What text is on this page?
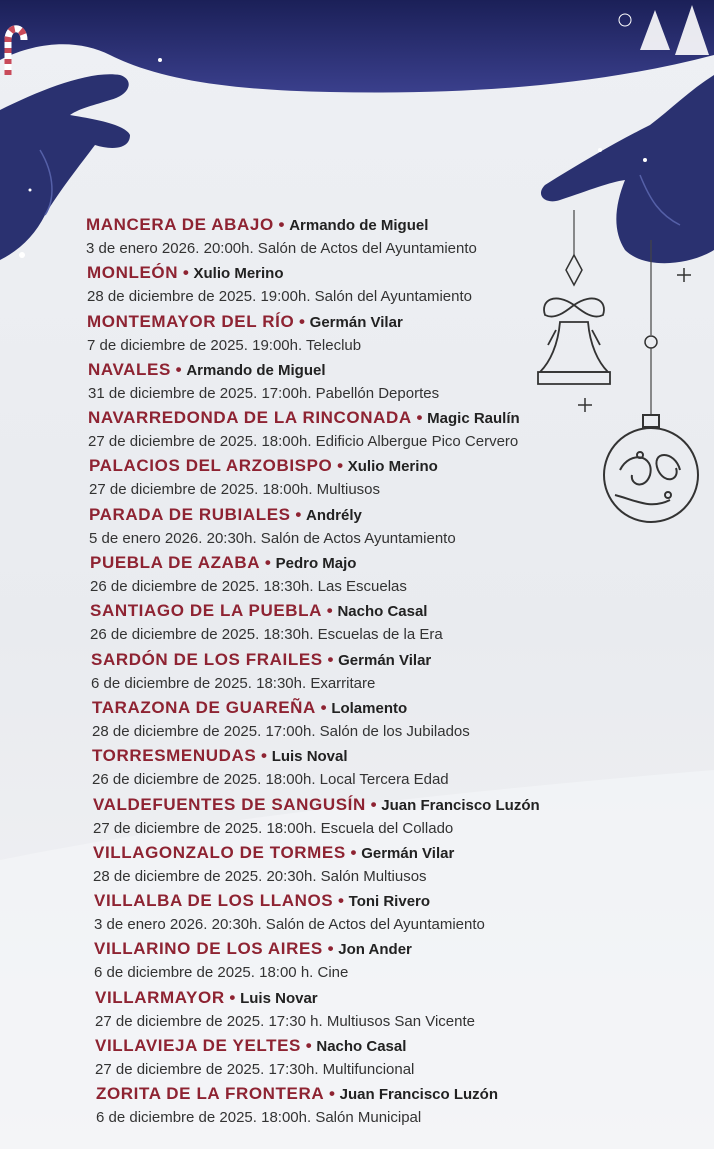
MANCERA DE ABAJO • Armando de Miguel
3 de enero 2026. 20:00h. Salón de Actos del Ayuntamiento
MONLEÓN • Xulio Merino
28 de diciembre de 2025. 19:00h. Salón del Ayuntamiento
MONTEMAYOR DEL RÍO • Germán Vilar
7 de diciembre de 2025. 19:00h. Teleclub
NAVALES • Armando de Miguel
31 de diciembre de 2025. 17:00h. Pabellón Deportes
NAVARREDONDA DE LA RINCONADA • Magic Raulín
27 de diciembre de 2025. 18:00h. Edificio Albergue Pico Cervero
PALACIOS DEL ARZOBISPO • Xulio Merino
27 de diciembre de 2025. 18:00h. Multiusos
PARADA DE RUBIALES • Andrély
5 de enero 2026. 20:30h. Salón de Actos Ayuntamiento
PUEBLA DE AZABA • Pedro Majo
26 de diciembre de 2025. 18:30h. Las Escuelas
SANTIAGO DE LA PUEBLA • Nacho Casal
26 de diciembre de 2025. 18:30h. Escuelas de la Era
SARDÓN DE LOS FRAILES • Germán Vilar
6 de diciembre de 2025. 18:30h. Exarritare
TARAZONA DE GUAREÑA • Lolamento
28 de diciembre de 2025. 17:00h. Salón de los Jubilados
TORRESMENUDAS • Luis Noval
26 de diciembre de 2025. 18:00h. Local Tercera Edad
VALDEFUENTES DE SANGUSÍN • Juan Francisco Luzón
27 de diciembre de 2025. 18:00h. Escuela del Collado
VILLAGONZALO DE TORMES • Germán Vilar
28 de diciembre de 2025. 20:30h. Salón Multiusos
VILLALBA DE LOS LLANOS • Toni Rivero
3 de enero 2026. 20:30h. Salón de Actos del Ayuntamiento
VILLARINO DE LOS AIRES • Jon Ander
6 de diciembre de 2025. 18:00 h. Cine
VILLARMAYOR • Luis Novar
27 de diciembre de 2025. 17:30 h. Multiusos San Vicente
VILLAVIEJA DE YELTES • Nacho Casal
27 de diciembre de 2025. 17:30h. Multifuncional
ZORITA DE LA FRONTERA • Juan Francisco Luzón
6 de diciembre de 2025. 18:00h. Salón Municipal
